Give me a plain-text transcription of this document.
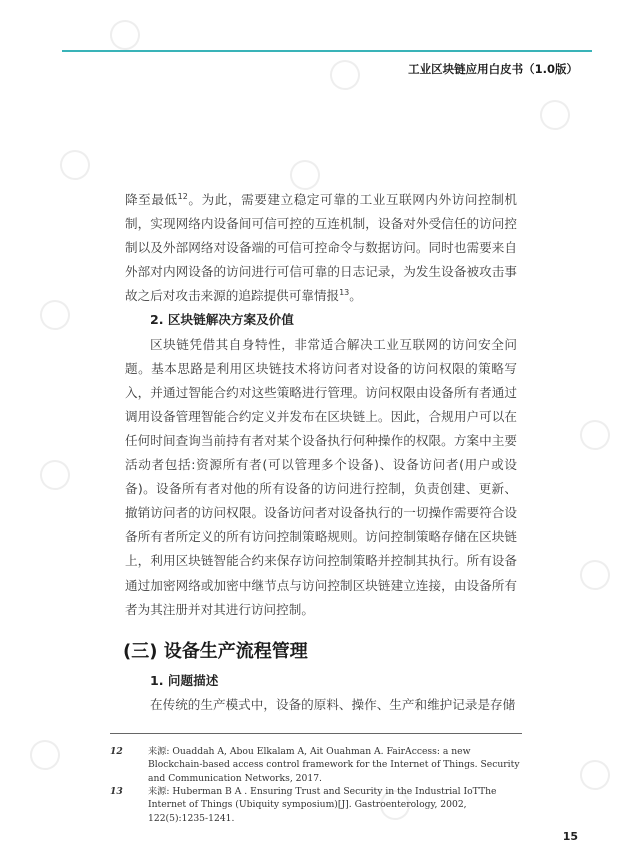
工业区块链应用白皮书（1.0版）

降至最低$^{12}$。为此，需要建立稳定可靠的工业互联网内外访问控制机制，实现网络内设备间可信可控的互连机制，设备对外受信任的访问控制以及外部网络对设备端的可信可控命令与数据访问。同时也需要来自外部对内网设备的访问进行可信可靠的日志记录，为发生设备被攻击事故之后对攻击来源的追踪提供可靠情报$^{13}$。

2. 区块链解决方案及价值

区块链凭借其自身特性，非常适合解决工业互联网的访问安全问题。基本思路是利用区块链技术将访问者对设备的访问权限的策略写入，并通过智能合约对这些策略进行管理。访问权限由设备所有者通过调用设备管理智能合约定义并发布在区块链上。因此，合规用户可以在任何时间查询当前持有者对某个设备执行何种操作的权限。方案中主要活动者包括:资源所有者(可以管理多个设备)、设备访问者(用户或设备)。设备所有者对他的所有设备的访问进行控制，负责创建、更新、撤销访问者的访问权限。设备访问者对设备执行的一切操作需要符合设备所有者所定义的所有访问控制策略规则。访问控制策略存储在区块链上，利用区块链智能合约来保存访问控制策略并控制其执行。所有设备通过加密网络或加密中继节点与访问控制区块链建立连接，由设备所有者为其注册并对其进行访问控制。

(三) 设备生产流程管理

1. 问题描述

在传统的生产模式中，设备的原料、操作、生产和维护记录是存储

12	来源: Ouaddah A, Abou Elkalam A, Ait Ouahman A. FairAccess: a new Blockchain-based access control framework for the Internet of Things. Security and Communication Networks, 2017.
13	来源: Huberman B A . Ensuring Trust and Security in the Industrial IoTThe Internet of Things (Ubiquity symposium)[J]. Gastroenterology, 2002, 122(5):1235-1241.
15
